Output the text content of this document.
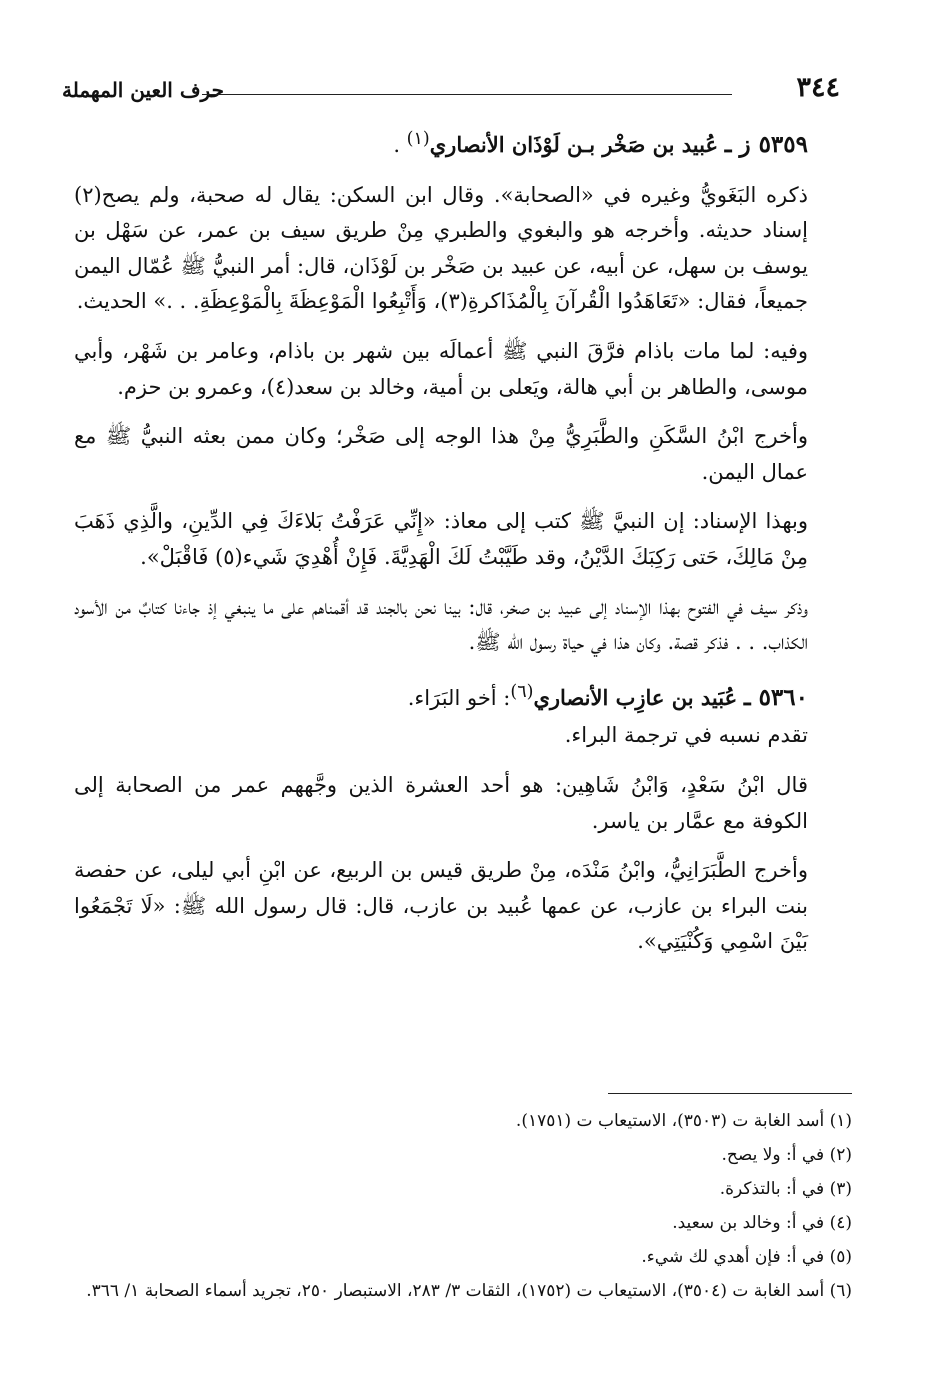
٣٤٤
حرف العين المهملة

٥٣٥٩ ز ـ عُبيد بن صَخْر بـن لَوْذَان الأنصاري$^{(١)}$ .

ذكره البَغَويُّ وغيره في «الصحابة». وقال ابن السكن: يقال له صحبة، ولم يصح(٢) إسناد حديثه. وأخرجه هو والبغوي والطبري مِنْ طريق سيف بن عمر، عن سَهْل بن يوسف بن سهل، عن أبيه، عن عبيد بن صَخْر بن لَوْذَان، قال: أمر النبيُّ ﷺ عُمّال اليمن جميعاً، فقال: «تَعَاهَدُوا الْقُرآنَ بِالْمُذَاكرةِ(٣)، وَأَتْبِعُوا الْمَوْعِظَةَ بِالْمَوْعِظَةِ. . .» الحديث.

وفيه: لما مات باذام فرَّقَ النبي ﷺ أعمالَه بين شهر بن باذام، وعامر بن شَهْر، وأبي موسى، والطاهر بن أبي هالة، ويَعلى بن أمية، وخالد بن سعد(٤)، وعمرو بن حزم.

وأخرج ابْنُ السَّكَنِ والطَّبَرِيُّ مِنْ هذا الوجه إلى صَخْر؛ وكان ممن بعثه النبيُّ ﷺ مع عمال اليمن.

وبهذا الإسناد: إن النبيَّ ﷺ كتب إلى معاذ: «إِنِّي عَرَفْتُ بَلاءَكَ فِي الدِّينِ، والَّذِي ذَهَبَ مِنْ مَالِكَ، حَتى رَكِبَكَ الدَّيْنُ، وقد طَيَّبْتُ لَكَ الْهَدِيَّةَ. فَإِنْ أُهْدِيَ شَيء(٥) فَاقْبَلْ».

وذكر سيف في الفتوح بهذا الإسناد إلى عبيد بن صخر، قال: بينا نحن بالجند قد أقمناهم على ما ينبغي إذ جاءنا كتابٌ من الأسود الكذاب. . . فذكر قصة. وكان هذا في حياة رسول الله ﷺ.

٥٣٦٠ ـ عُبَيد بن عازِب الأنصاري$^{(٦)}$: أخو البَرَاء.

تقدم نسبه في ترجمة البراء.

قال ابْنُ سَعْدٍ، وَابْنُ شَاهِين: هو أحد العشرة الذين وجَّههم عمر من الصحابة إلى الكوفة مع عمَّار بن ياسر.

وأخرج الطَّبَرَانِيُّ، وابْنُ مَنْدَه، مِنْ طريق قيس بن الربيع، عن ابْنِ أبي ليلى، عن حفصة بنت البراء بن عازب، عن عمها عُبيد بن عازب، قال: قال رسول الله ﷺ: «لَا تَجْمَعُوا بَيْنَ اسْمِي وَكُنْيَتِي».

(١) أسد الغابة ت (٣٥٠٣)، الاستيعاب ت (١٧٥١).
(٢) في أ: ولا يصح.
(٣) في أ: بالتذكرة.
(٤) في أ: وخالد بن سعيد.
(٥) في أ: فإن أهدي لك شيء.
(٦) أسد الغابة ت (٣٥٠٤)، الاستيعاب ت (١٧٥٢)، الثقات ٣/ ٢٨٣، الاستبصار ٢٥٠، تجريد أسماء الصحابة ١/ ٣٦٦.
